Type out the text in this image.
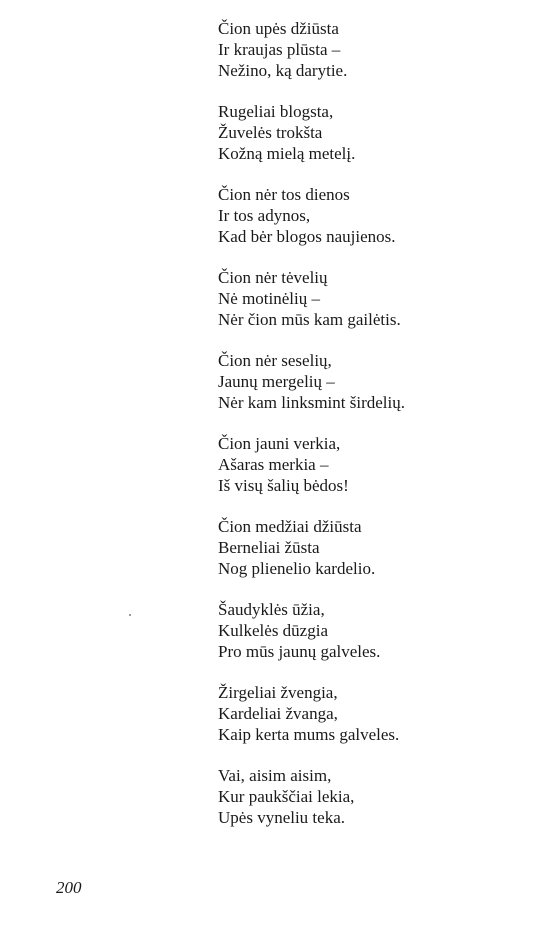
Čion upės džiūsta
Ir kraujas plūsta –
Nežino, ką darytie.
Rugeliai blogsta,
Žuvelės trokšta
Kožną mielą metelį.
Čion nėr tos dienos
Ir tos adynos,
Kad bėr blogos naujienos.
Čion nėr tėvelių
Nė motinėlių –
Nėr čion mūs kam gailėtis.
Čion nėr seselių,
Jaunų mergelių –
Nėr kam linksmint širdelių.
Čion jauni verkia,
Ašaras merkia –
Iš visų šalių bėdos!
Čion medžiai džiūsta
Berneliai žūsta
Nog plienelio kardelio.
Šaudyklės ūžia,
Kulkelės dūzgia
Pro mūs jaunų galveles.
Žirgeliai žvengia,
Kardeliai žvanga,
Kaip kerta mums galveles.
Vai, aisim aisim,
Kur paukščiai lekia,
Upės vyneliu teka.
200
